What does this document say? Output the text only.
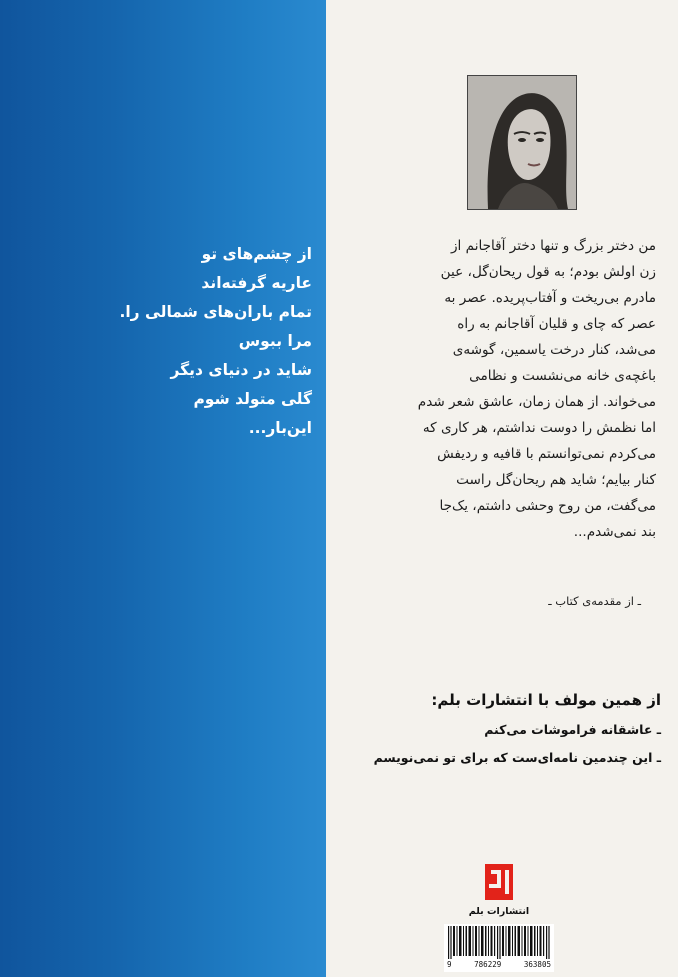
از چشم‌های تو
عاریه گرفته‌اند
تمام باران‌های شمالی را.
مرا ببوس
شاید در دنیای دیگر
گلی متولد شوم
این‌بار...
من دختر بزرگ و تنها دختر آقاجانم از
زن اولش بودم؛ به قول ریحان‌گل، عین
مادرم بی‌ریخت و آفتاب‌پریده. عصر به
عصر که چای و قلیان آقاجانم به راه
می‌شد، کنار درخت یاسمین، گوشه‌ی
باغچه‌ی خانه می‌نشست و نظامی
می‌خواند. از همان زمان، عاشق شعر شدم
اما نظمش را دوست نداشتم، هر کاری که
می‌کردم نمی‌توانستم با قافیه و ردیفش
کنار بیایم؛ شاید هم ریحان‌گل راست
می‌گفت، من روح وحشی داشتم، یک‌جا
بند نمی‌شدم...
ـ از مقدمه‌ی کتاب ـ
از همین مولف با انتشارات بلم:
ـ عاشقانه فراموشات می‌کنم
ـ این چندمین نامه‌ای‌ست که برای تو نمی‌نویسم
انتشارات بلم
9	786229	363805
